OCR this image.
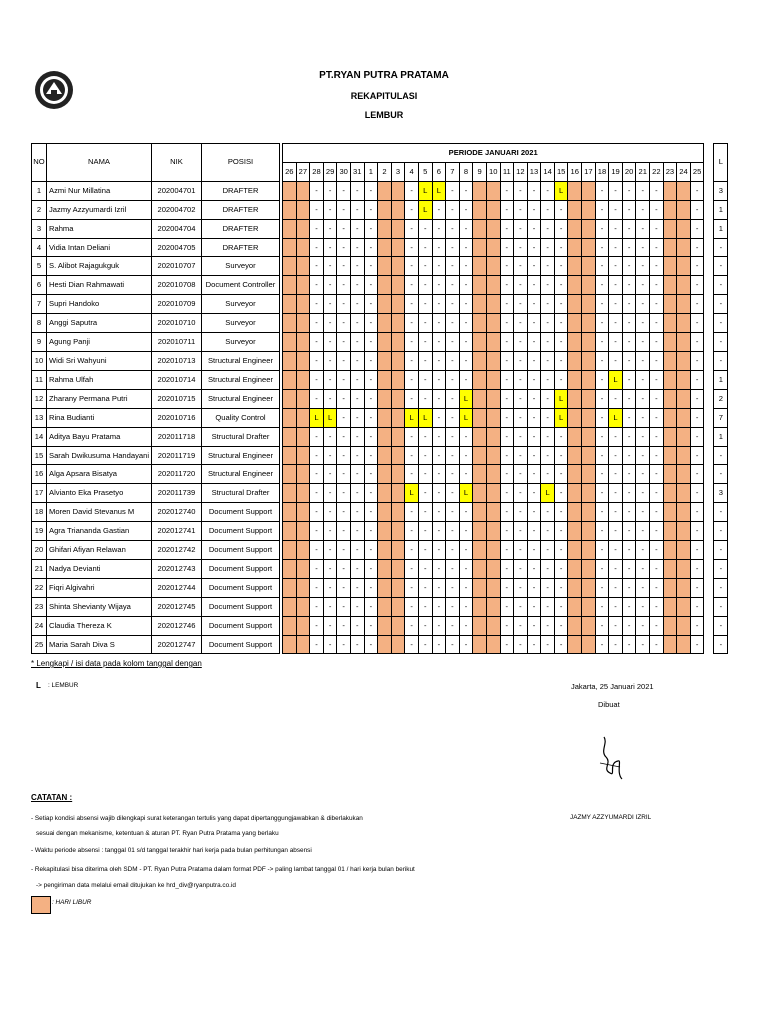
PT.RYAN PUTRA PRATAMA
REKAPITULASI
LEMBUR
NO	NAMA	NIK	POSISI		PERIODE JANUARI 2021																																L
					26	27	28	29	30	31	1	2	3	4	5	6	7	8	9	10	11	12	13	14	15	16	17	18	19	20	21	22	23	24	25		
1	Azmi Nur Millatina	202004701	DRAFTER				-	-	-	-	-			-	L	L	-	-			-	-	-	-	L			-	-	-	-	-			-		3
2	Jazmy Azzyumardi Izril	202004702	DRAFTER				-	-	-	-	-			-	L	-	-	-			-	-	-	-	-			-	-	-	-	-			-		1
3	Rahma	202004704	DRAFTER				-	-	-	-	-			-	-	-	-	-			-	-	-	-	-			-	-	-	-	-			-		1
4	Vidia Intan Deliani	202004705	DRAFTER				-	-	-	-	-			-	-	-	-	-			-	-	-	-	-			-	-	-	-	-			-		-
5	S. Alibot Rajagukguk	202010707	Surveyor				-	-	-	-	-			-	-	-	-	-			-	-	-	-	-			-	-	-	-	-			-		-
6	Hesti Dian Rahmawati	202010708	Document Controller				-	-	-	-	-			-	-	-	-	-			-	-	-	-	-			-	-	-	-	-			-		-
7	Supri Handoko	202010709	Surveyor				-	-	-	-	-			-	-	-	-	-			-	-	-	-	-			-	-	-	-	-			-		-
8	Anggi Saputra	202010710	Surveyor				-	-	-	-	-			-	-	-	-	-			-	-	-	-	-			-	-	-	-	-			-		-
9	Agung Panji	202010711	Surveyor				-	-	-	-	-			-	-	-	-	-			-	-	-	-	-			-	-	-	-	-			-		-
10	Widi Sri Wahyuni	202010713	Structural Engineer				-	-	-	-	-			-	-	-	-	-			-	-	-	-	-			-	-	-	-	-			-		-
11	Rahma Ulfah	202010714	Structural Engineer				-	-	-	-	-			-	-	-	-	-			-	-	-	-	-			-	L	-	-	-			-		1
12	Zharany Permana Putri	202010715	Structural Engineer				-	-	-	-	-			-	-	-	-	L			-	-	-	-	L			-	-	-	-	-			-		2
13	Rina Budianti	202010716	Quality Control				L	L	-	-	-			L	L	-	-	L			-	-	-	-	L			-	L	-	-	-			-		7
14	Aditya Bayu Pratama	202011718	Structural Drafter				-	-	-	-	-			-	-	-	-	-			-	-	-	-	-			-	-	-	-	-			-		1
15	Sarah Dwikusuma Handayani	202011719	Structural Engineer				-	-	-	-	-			-	-	-	-	-			-	-	-	-	-			-	-	-	-	-			-		-
16	Alga Apsara Bisatya	202011720	Structural Engineer				-	-	-	-	-			-	-	-	-	-			-	-	-	-	-			-	-	-	-	-			-		-
17	Alvianto Eka Prasetyo	202011739	Structural Drafter				-	-	-	-	-			L	-	-	-	L			-	-	-	L	-			-	-	-	-	-			-		3
18	Moren David Stevanus M	202012740	Document Support				-	-	-	-	-			-	-	-	-	-			-	-	-	-	-			-	-	-	-	-			-		-
19	Agra Triananda Gastian	202012741	Document Support				-	-	-	-	-			-	-	-	-	-			-	-	-	-	-			-	-	-	-	-			-		-
20	Ghifari Afiyan Relawan	202012742	Document Support				-	-	-	-	-			-	-	-	-	-			-	-	-	-	-			-	-	-	-	-			-		-
21	Nadya Devianti	202012743	Document Support				-	-	-	-	-			-	-	-	-	-			-	-	-	-	-			-	-	-	-	-			-		-
22	Fiqri Algivahri	202012744	Document Support				-	-	-	-	-			-	-	-	-	-			-	-	-	-	-			-	-	-	-	-			-		-
23	Shinta Shevianty Wijaya	202012745	Document Support				-	-	-	-	-			-	-	-	-	-			-	-	-	-	-			-	-	-	-	-			-		-
24	Claudia Thereza K	202012746	Document Support				-	-	-	-	-			-	-	-	-	-			-	-	-	-	-			-	-	-	-	-			-		-
25	Maria Sarah Diva S	202012747	Document Support				-	-	-	-	-			-	-	-	-	-			-	-	-	-	-			-	-	-	-	-			-		-
* Lengkapi / isi data pada kolom tanggal dengan
L : LEMBUR	Jakarta, 25 Januari 2021
Dibuat
JAZMY AZZYUMARDI IZRIL
CATATAN :
- Setiap kondisi absensi wajib dilengkapi surat keterangan tertulis yang dapat dipertanggungjawabkan & diberlakukan
sesuai dengan mekanisme, ketentuan & aturan PT. Ryan Putra Pratama yang berlaku
- Waktu periode absensi : tanggal 01 s/d tanggal terakhir hari kerja pada bulan perhitungan absensi
- Rekapitulasi bisa diterima oleh SDM - PT. Ryan Putra Pratama dalam format PDF -> paling lambat tanggal 01 / hari kerja bulan berikut
-> pengiriman data melalui email ditujukan ke hrd_div@ryanputra.co.id
: HARI LIBUR
